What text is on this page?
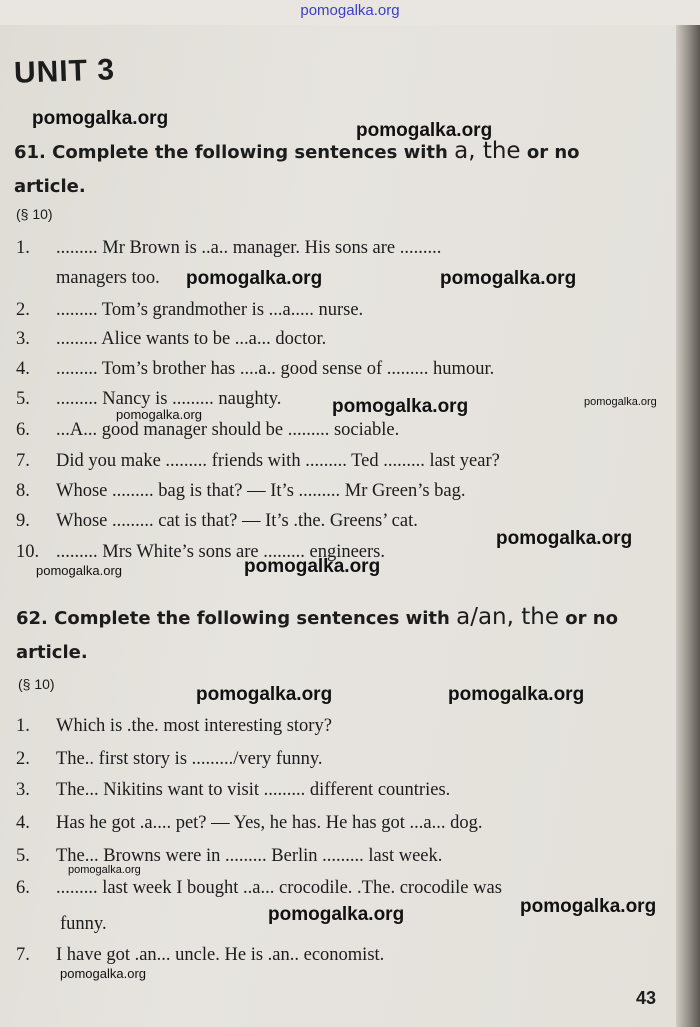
pomogalka.org
UNIT 3
pomogalka.org
pomogalka.org
pomogalka.org	pomogalka.org
pomogalka.org	pomogalka.org	pomogalka.org
pomogalka.org
pomogalka.org	pomogalka.org
pomogalka.org	pomogalka.org
pomogalka.org
pomogalka.org	pomogalka.org
pomogalka.org
61. Complete the following sentences with a, the or no article.
(§ 10)
1. ......... Mr Brown is ..a.. manager. His sons are .........
managers too.
2. ......... Tom’s grandmother is ...a..... nurse.
3. ......... Alice wants to be ...a... doctor.
4. ......... Tom’s brother has ....a.. good sense of ......... humour.
5. ......... Nancy is ......... naughty.
6. ...A... good manager should be ......... sociable.
7. Did you make ......... friends with ......... Ted ......... last year?
8. Whose ......... bag is that? — It’s ......... Mr Green’s bag.
9. Whose ......... cat is that? — It’s .the. Greens’ cat.
10. ......... Mrs White’s sons are ......... engineers.
62. Complete the following sentences with a/an, the or no article.
(§ 10)
1. Which is .the. most interesting story?
2. The.. first story is ........./very funny.
3. The... Nikitins want to visit ......... different countries.
4. Has he got .a.... pet? — Yes, he has. He has got ...a... dog.
5. The... Browns were in ......... Berlin ......... last week.
6. ......... last week I bought ..a... crocodile. .The. crocodile was
funny.
7. I have got .an... uncle. He is .an.. economist.
43
